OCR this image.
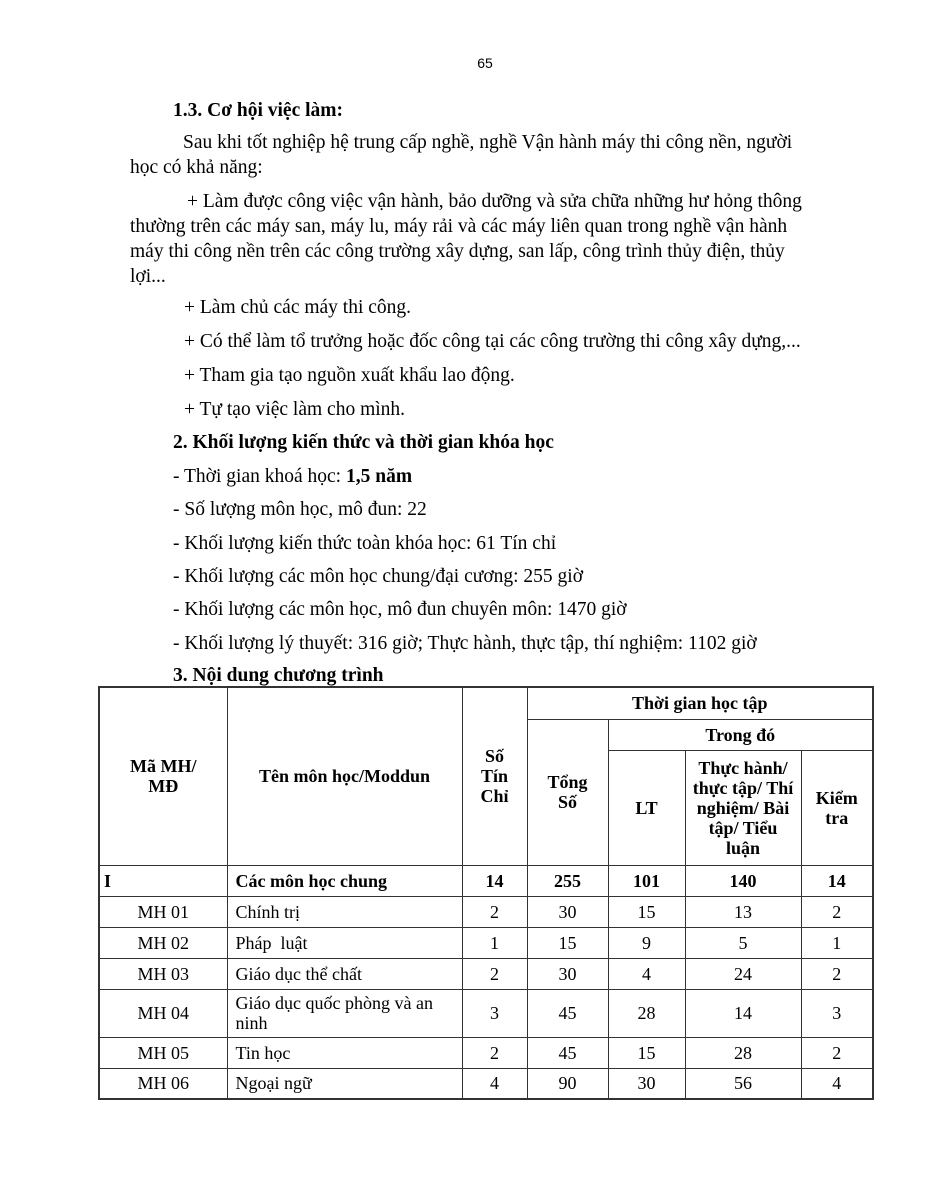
65
1.3. Cơ hội việc làm:
Sau khi tốt nghiệp hệ trung cấp nghề, nghề Vận hành máy thi công nền, người
học có khả năng:
+ Làm được công việc vận hành, bảo dưỡng và sửa chữa những hư hỏng thông
thường trên các máy san, máy lu, máy rải và các máy liên quan trong nghề vận hành
máy thi công nền trên các công trường xây dựng, san lấp, công trình thủy điện, thủy
lợi...
+ Làm chủ các máy thi công.
+ Có thể làm tổ trưởng hoặc đốc công tại các công trường thi công xây dựng,...
+ Tham gia tạo nguồn xuất khẩu lao động.
+ Tự tạo việc làm cho mình.
2. Khối lượng kiến thức và thời gian khóa học
- Thời gian khoá học: 1,5 năm
- Số lượng môn học, mô đun: 22
- Khối lượng kiến thức toàn khóa học: 61 Tín chỉ
- Khối lượng các môn học chung/đại cương: 255 giờ
- Khối lượng các môn học, mô đun chuyên môn: 1470 giờ
- Khối lượng lý thuyết: 316 giờ; Thực hành, thực tập, thí nghiệm: 1102 giờ
3. Nội dung chương trình
Mã MH/ MĐ	Tên môn học/Moddun	Số Tín Chỉ	Thời gian học tập			
			Tổng Số	Trong đó		
				LT	Thực hành/ thực tập/ Thí nghiệm/ Bài tập/ Tiểu luận	Kiểm tra
I	Các môn học chung	14	255	101	140	14
MH 01	Chính trị	2	30	15	13	2
MH 02	Pháp  luật	1	15	9	5	1
MH 03	Giáo dục thể chất	2	30	4	24	2
MH 04	Giáo dục quốc phòng và an ninh	3	45	28	14	3
MH 05	Tin học	2	45	15	28	2
MH 06	Ngoại ngữ	4	90	30	56	4
